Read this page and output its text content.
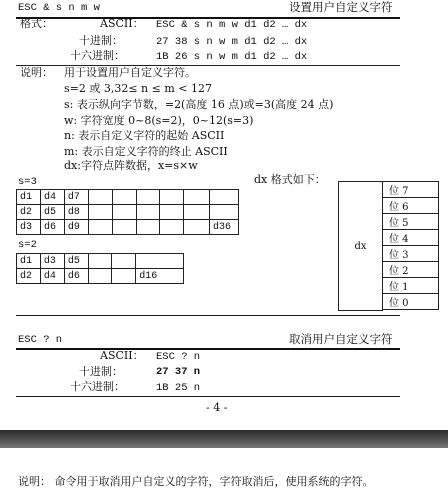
ESC & s n m w	设置用户自定义字符
格式：	ASCII： ESC & s n m w d1 d2 … dx
十进制：	27 38 s n w m d1 d2 … dx
十六进制：	1B 26 s n w m d1 d2 … dx
说明： 用于设置用户自定义字符。
s=2 或 3,32≤ n ≤ m < 127
s: 表示纵向字节数，=2(高度 16 点)或=3(高度 24 点)
w: 字符宽度 0~8(s=2)，0~12(s=3)
n: 表示自定义字符的起始 ASCII
m: 表示自定义字符的终止 ASCII
dx:字符点阵数据，x=s×w
s=3
d1	d4	d7						
d2	d5	d8						
d3	d6	d9						d36
s=2
d1	d3	d5			
d2	d4	d6			d16
dx 格式如下：
dx
位 7
位 6
位 5
位 4
位 3
位 2
位 1
位 0
ESC ? n	取消用户自定义字符
ASCII： ESC ? n
十进制：	27 37 n
十六进制：	1B 25 n
- 4 -
说明： 命令用于取消用户自定义的字符，字符取消后，使用系统的字符。
